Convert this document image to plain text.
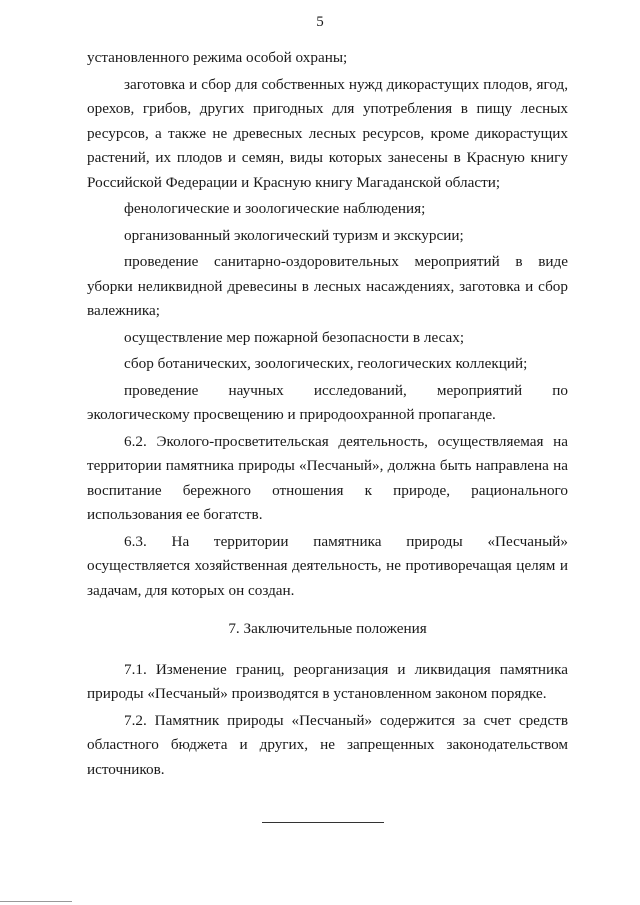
5

установленного режима особой охраны;

заготовка и сбор для собственных нужд дикорастущих плодов, ягод, орехов, грибов, других пригодных для употребления в пищу лесных ресурсов, а также не древесных лесных ресурсов, кроме дикорастущих растений, их плодов и семян, виды которых занесены в Красную книгу Российской Федерации и Красную книгу Магаданской области;

фенологические и зоологические наблюдения;

организованный экологический туризм и экскурсии;

проведение санитарно-оздоровительных мероприятий в виде уборки неликвидной древесины в лесных насаждениях, заготовка и сбор валежника;

осуществление мер пожарной безопасности в лесах;

сбор ботанических, зоологических, геологических коллекций;

проведение научных исследований, мероприятий по экологическому просвещению и природоохранной пропаганде.

6.2. Эколого-просветительская деятельность, осуществляемая на территории памятника природы «Песчаный», должна быть направлена на воспитание бережного отношения к природе, рационального использования ее богатств.

6.3. На территории памятника природы «Песчаный» осуществляется хозяйственная деятельность, не противоречащая целям и задачам, для которых он создан.

7. Заключительные положения

7.1. Изменение границ, реорганизация и ликвидация памятника природы «Песчаный» производятся в установленном законом порядке.

7.2. Памятник природы «Песчаный» содержится за счет средств областного бюджета и других, не запрещенных законодательством источников.
